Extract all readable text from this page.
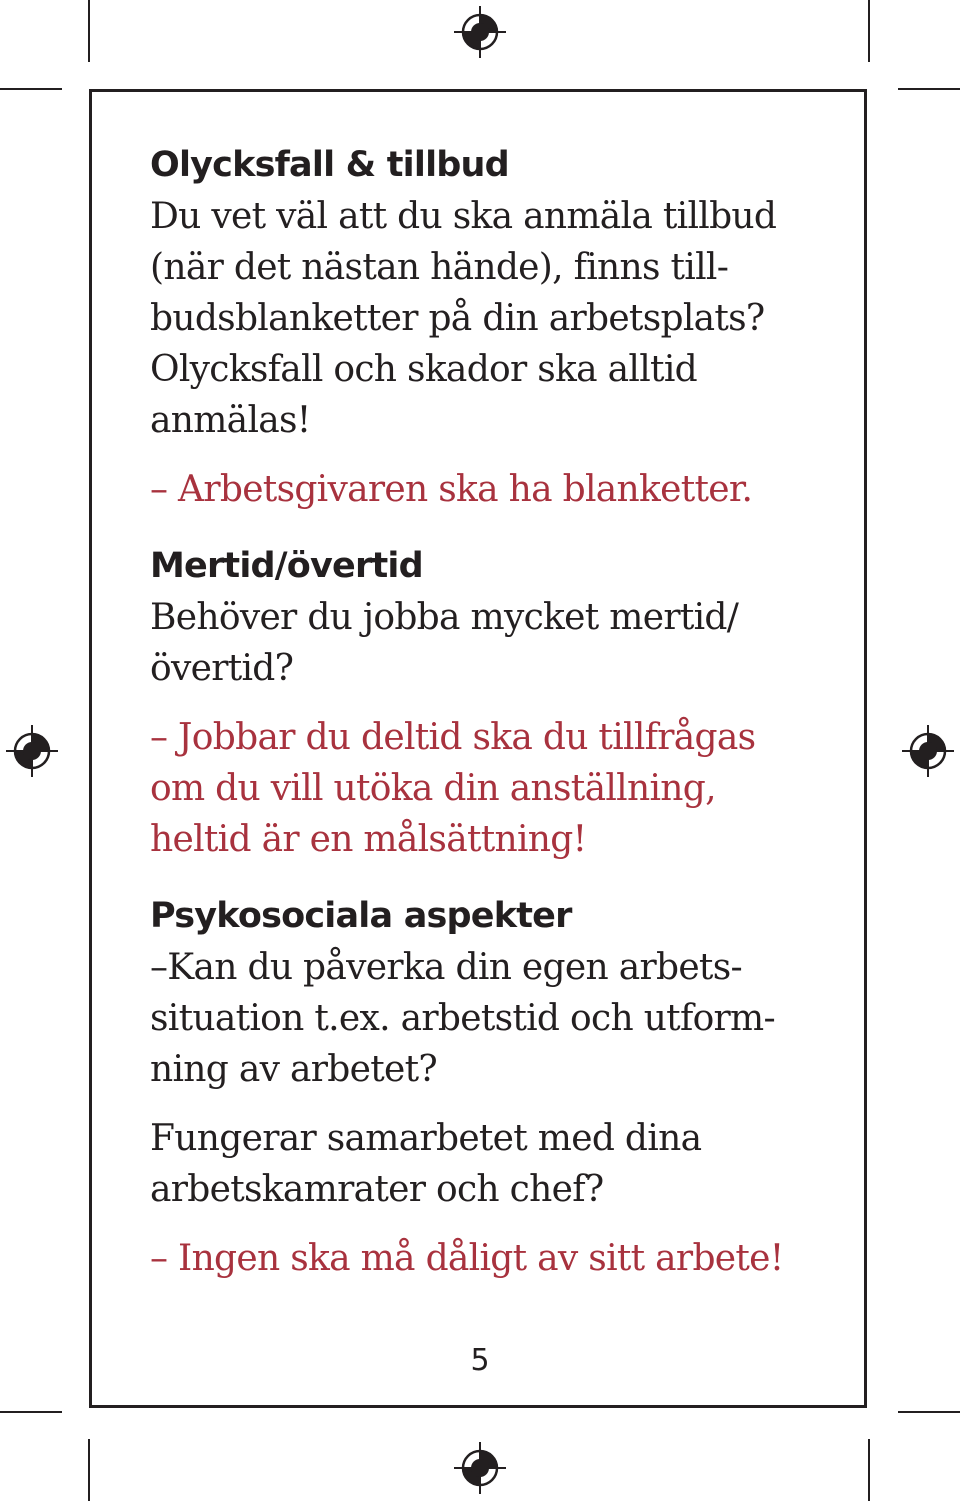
Olycksfall & tillbud

Du vet väl att du ska anmäla tillbud

(när det nästan hände), finns till-

budsblanketter på din arbetsplats?

Olycksfall och skador ska alltid

anmälas!

– Arbetsgivaren ska ha blanketter.

Mertid/övertid

Behöver du jobba mycket mertid/

övertid?

– Jobbar du deltid ska du tillfrågas

om du vill utöka din anställning,

heltid är en målsättning!

Psykosociala aspekter

–Kan du påverka din egen arbets-

situation t.ex. arbetstid och utform-

ning av arbetet?

Fungerar samarbetet med dina

arbetskamrater och chef?

– Ingen ska må dåligt av sitt arbete!

5
